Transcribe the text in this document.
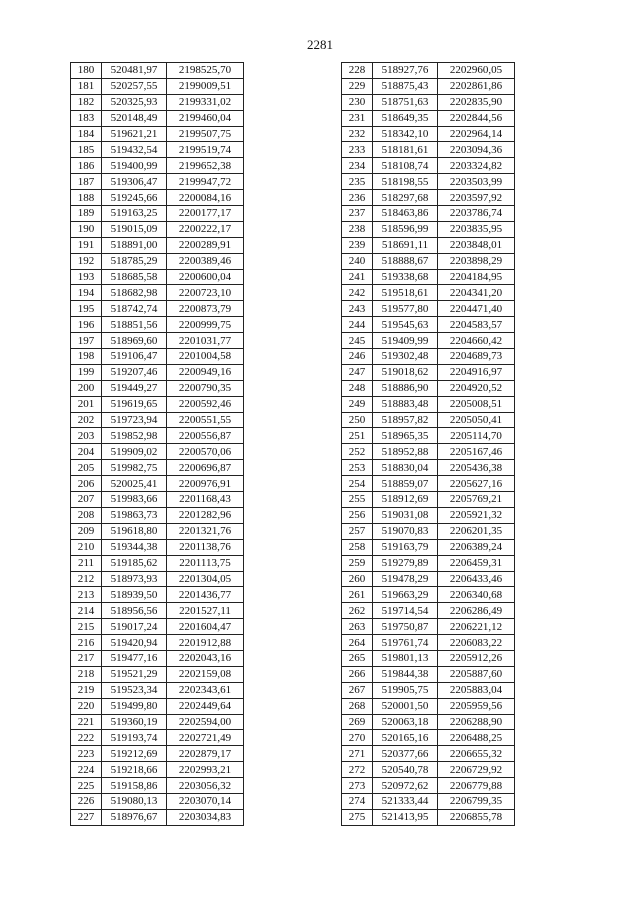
2281
180	520481,97	2198525,70
181	520257,55	2199009,51
182	520325,93	2199331,02
183	520148,49	2199460,04
184	519621,21	2199507,75
185	519432,54	2199519,74
186	519400,99	2199652,38
187	519306,47	2199947,72
188	519245,66	2200084,16
189	519163,25	2200177,17
190	519015,09	2200222,17
191	518891,00	2200289,91
192	518785,29	2200389,46
193	518685,58	2200600,04
194	518682,98	2200723,10
195	518742,74	2200873,79
196	518851,56	2200999,75
197	518969,60	2201031,77
198	519106,47	2201004,58
199	519207,46	2200949,16
200	519449,27	2200790,35
201	519619,65	2200592,46
202	519723,94	2200551,55
203	519852,98	2200556,87
204	519909,02	2200570,06
205	519982,75	2200696,87
206	520025,41	2200976,91
207	519983,66	2201168,43
208	519863,73	2201282,96
209	519618,80	2201321,76
210	519344,38	2201138,76
211	519185,62	2201113,75
212	518973,93	2201304,05
213	518939,50	2201436,77
214	518956,56	2201527,11
215	519017,24	2201604,47
216	519420,94	2201912,88
217	519477,16	2202043,16
218	519521,29	2202159,08
219	519523,34	2202343,61
220	519499,80	2202449,64
221	519360,19	2202594,00
222	519193,74	2202721,49
223	519212,69	2202879,17
224	519218,66	2202993,21
225	519158,86	2203056,32
226	519080,13	2203070,14
227	518976,67	2203034,83
228	518927,76	2202960,05
229	518875,43	2202861,86
230	518751,63	2202835,90
231	518649,35	2202844,56
232	518342,10	2202964,14
233	518181,61	2203094,36
234	518108,74	2203324,82
235	518198,55	2203503,99
236	518297,68	2203597,92
237	518463,86	2203786,74
238	518596,99	2203835,95
239	518691,11	2203848,01
240	518888,67	2203898,29
241	519338,68	2204184,95
242	519518,61	2204341,20
243	519577,80	2204471,40
244	519545,63	2204583,57
245	519409,99	2204660,42
246	519302,48	2204689,73
247	519018,62	2204916,97
248	518886,90	2204920,52
249	518883,48	2205008,51
250	518957,82	2205050,41
251	518965,35	2205114,70
252	518952,88	2205167,46
253	518830,04	2205436,38
254	518859,07	2205627,16
255	518912,69	2205769,21
256	519031,08	2205921,32
257	519070,83	2206201,35
258	519163,79	2206389,24
259	519279,89	2206459,31
260	519478,29	2206433,46
261	519663,29	2206340,68
262	519714,54	2206286,49
263	519750,87	2206221,12
264	519761,74	2206083,22
265	519801,13	2205912,26
266	519844,38	2205887,60
267	519905,75	2205883,04
268	520001,50	2205959,56
269	520063,18	2206288,90
270	520165,16	2206488,25
271	520377,66	2206655,32
272	520540,78	2206729,92
273	520972,62	2206779,88
274	521333,44	2206799,35
275	521413,95	2206855,78
